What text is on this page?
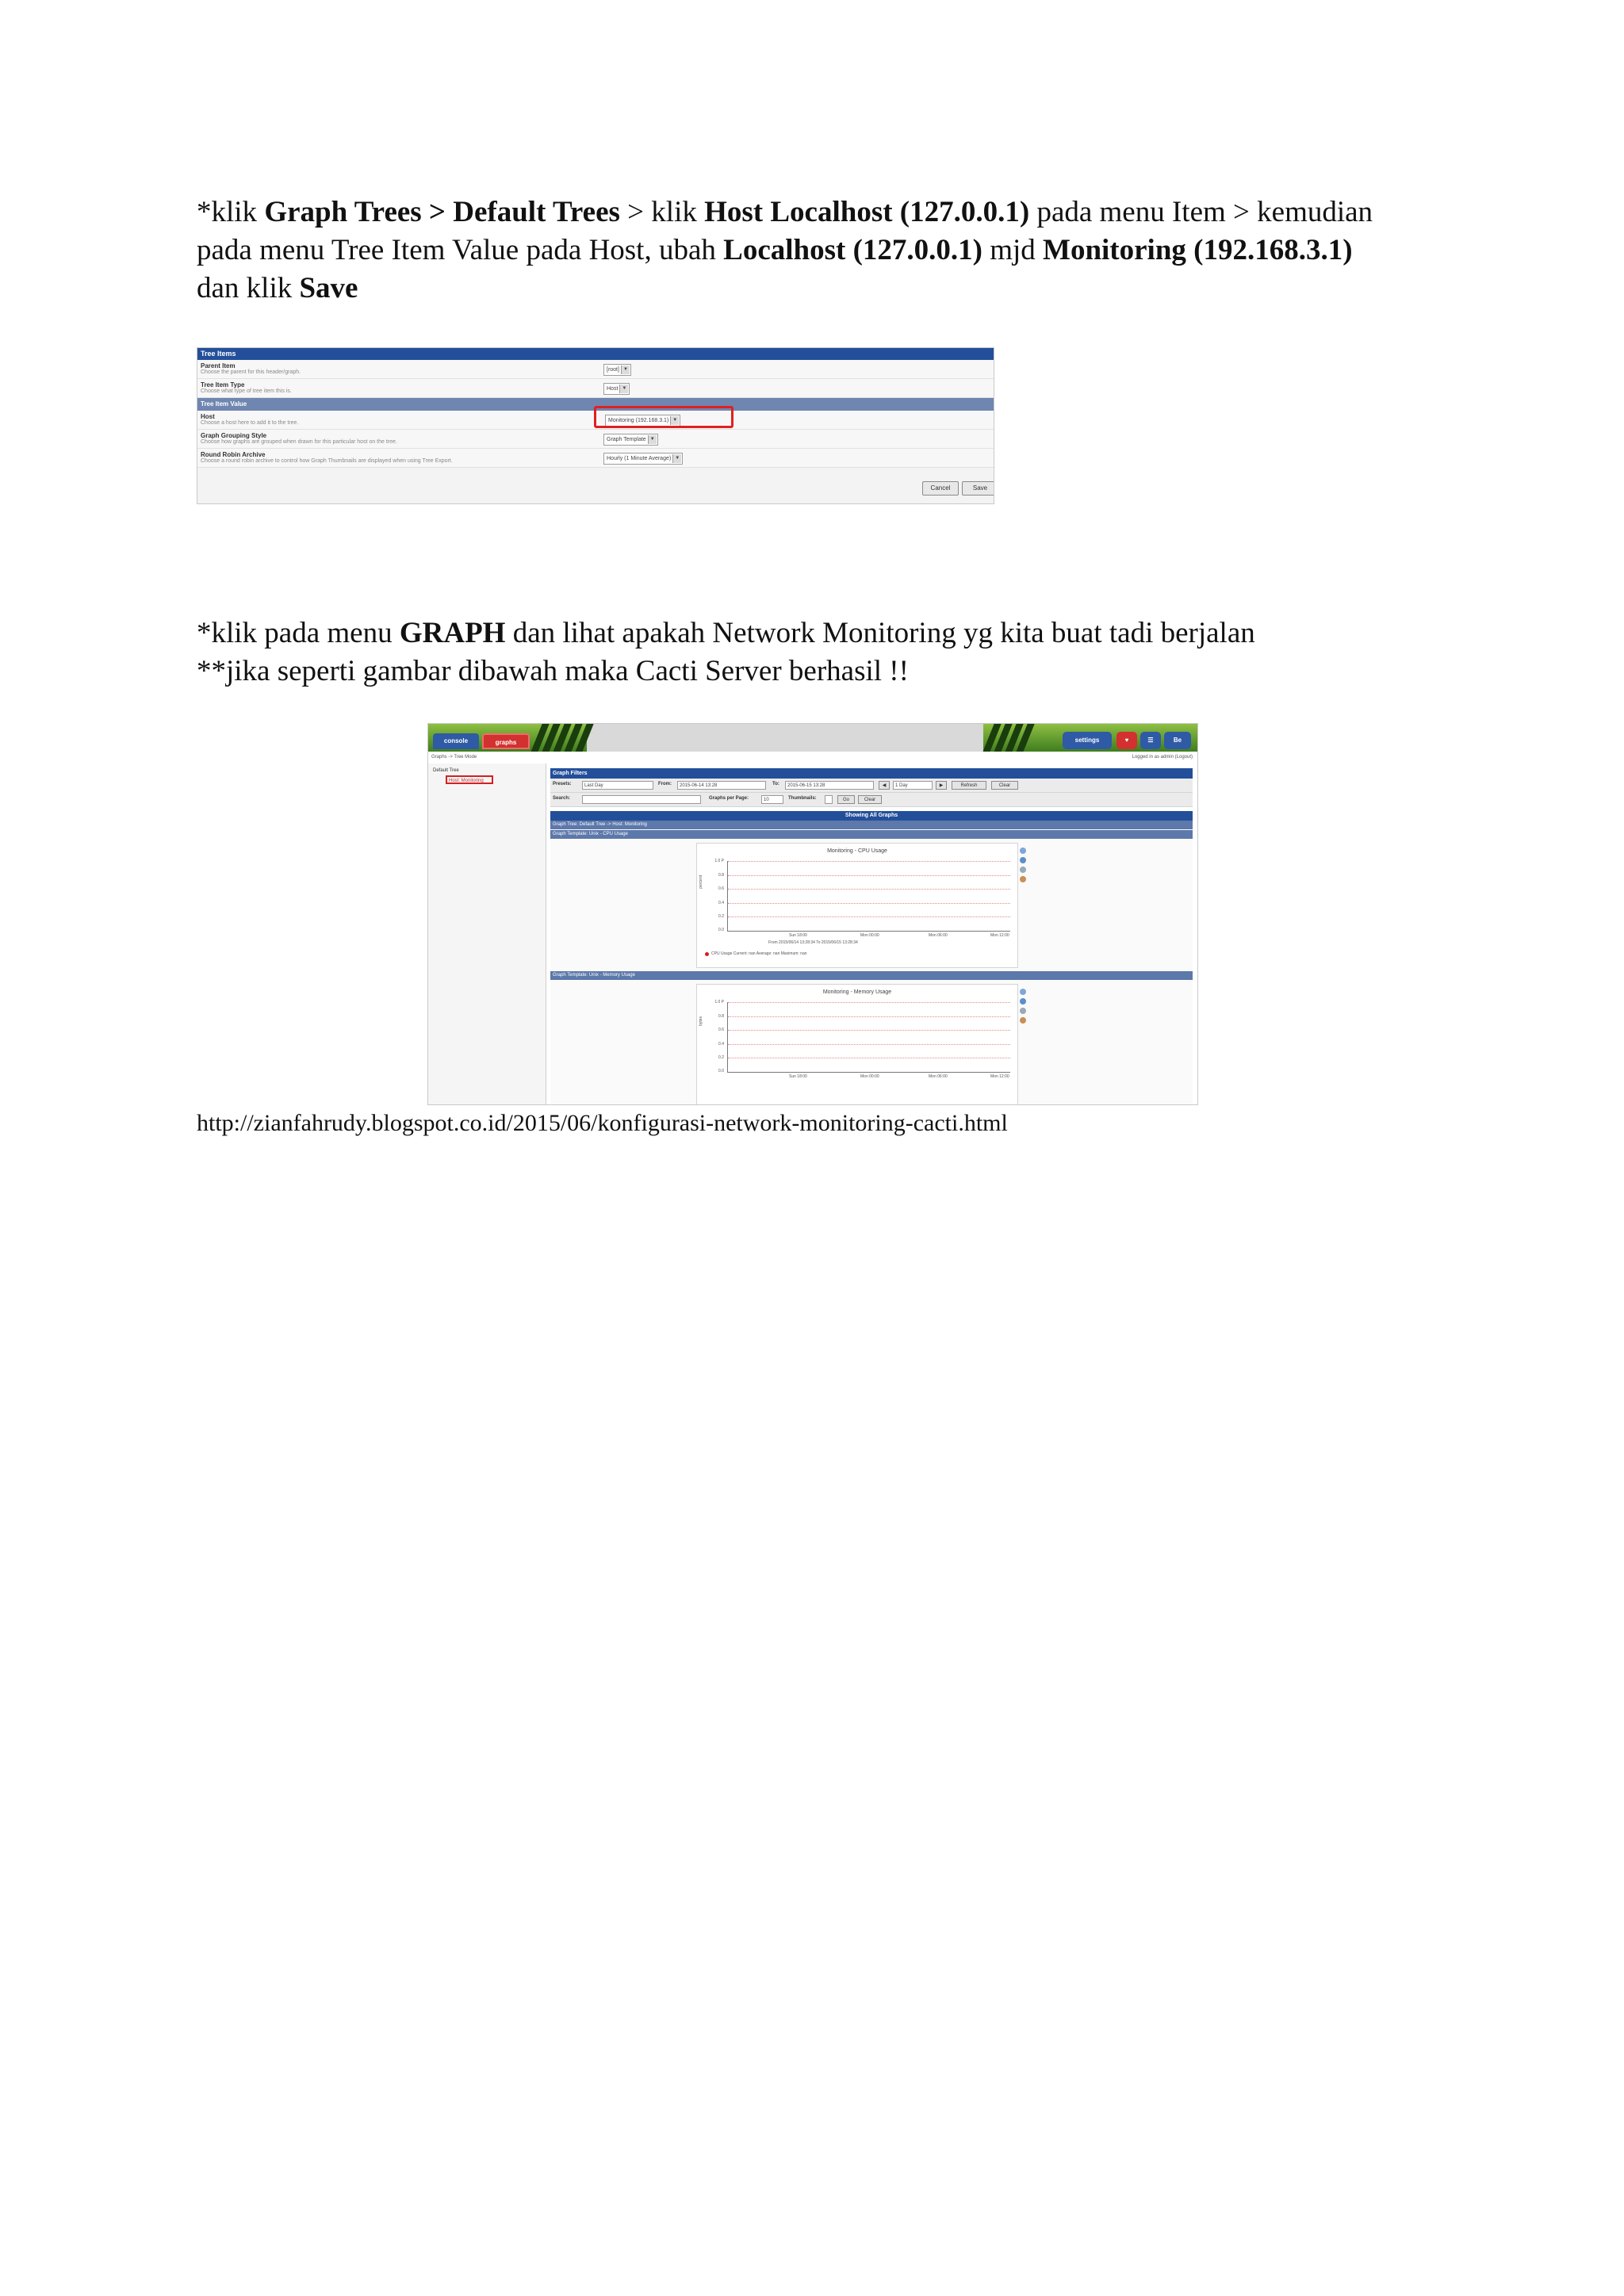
*klik Graph Trees > Default Trees > klik Host Localhost (127.0.0.1) pada menu Item > kemudian pada menu Tree Item Value pada Host, ubah Localhost (127.0.0.1) mjd Monitoring (192.168.3.1) dan klik Save
Tree Items
Parent Item
Choose the parent for this header/graph.	[root] ▼
Tree Item Type
Choose what type of tree item this is.	Host ▼
Tree Item Value
Host
Choose a host here to add it to the tree.	Monitoring (192.168.3.1) ▼
Graph Grouping Style
Choose how graphs are grouped when drawn for this particular host on the tree.	Graph Template ▼
Round Robin Archive
Choose a round robin archive to control how Graph Thumbnails are displayed when using Tree Export.	Hourly (1 Minute Average) ▼
Cancel	Save
*klik pada menu GRAPH dan lihat apakah Network Monitoring yg kita buat tadi berjalan
**jika seperti gambar dibawah maka Cacti Server berhasil !!
console	graphs	settings	♥	☰	Be
Graphs -> Tree Mode	Logged in as admin (Logout)
Default Tree
Host: Monitoring
Graph Filters
Presets:	Last Day	From:	2015-06-14 13:28	To:	2015-06-15 13:28	◀	1 Day	▶	Refresh	Clear
Search:	Graphs per Page:	10	Thumbnails:	Go	Clear
Showing All Graphs
Graph Tree: Default Tree -> Host: Monitoring
Graph Template: Unix - CPU Usage
Monitoring - CPU Usage
percent
1.0 P
0.8
0.6
0.4
0.2
0.0
Sun 18:00	Mon 00:00	Mon 06:00	Mon 12:00
From 2015/06/14 13:28:34 To 2015/06/15 13:28:34
CPU Usage Current: nan Average: nan Maximum: nan
Graph Template: Unix - Memory Usage
Monitoring - Memory Usage
bytes
1.0 P
0.8
0.6
0.4
0.2
0.0
Sun 18:00	Mon 00:00	Mon 06:00	Mon 12:00
http://zianfahrudy.blogspot.co.id/2015/06/konfigurasi-network-monitoring-cacti.html
